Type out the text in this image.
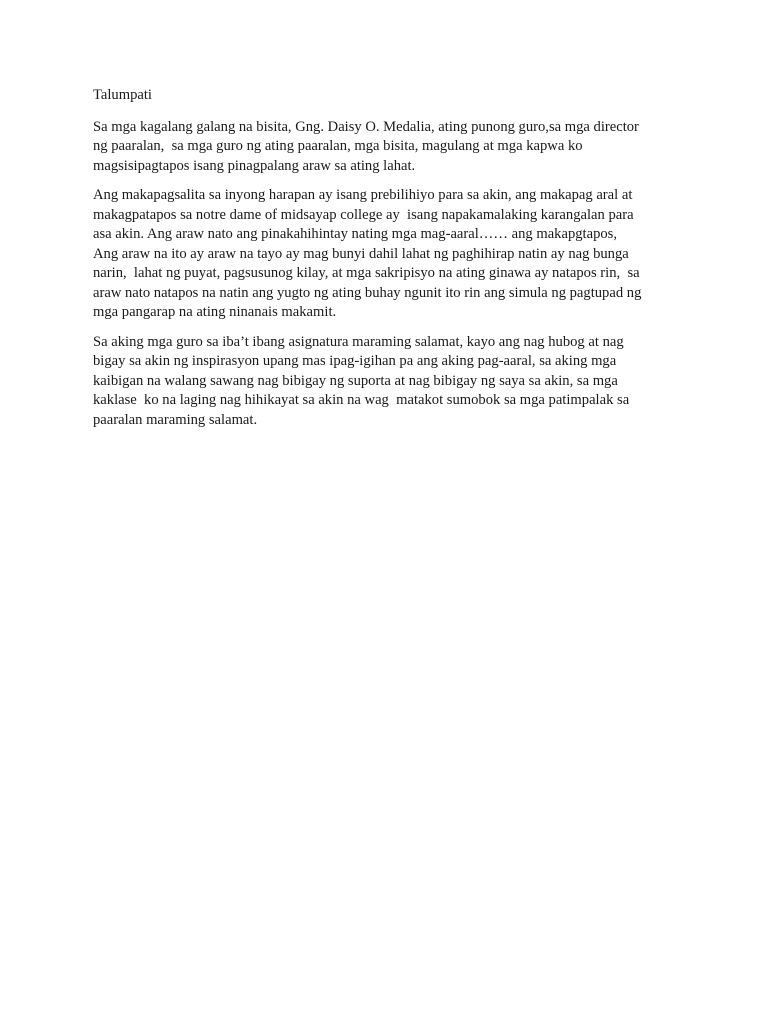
Talumpati
Sa mga kagalang galang na bisita, Gng. Daisy O. Medalia, ating punong guro,sa mga director
ng paaralan,  sa mga guro ng ating paaralan, mga bisita, magulang at mga kapwa ko
magsisipagtapos isang pinagpalang araw sa ating lahat.
Ang makapagsalita sa inyong harapan ay isang prebilihiyo para sa akin, ang makapag aral at
makagpatapos sa notre dame of midsayap college ay  isang napakamalaking karangalan para
asa akin. Ang araw nato ang pinakahihintay nating mga mag-aaral…… ang makapgtapos,
Ang araw na ito ay araw na tayo ay mag bunyi dahil lahat ng paghihirap natin ay nag bunga
narin,  lahat ng puyat, pagsusunog kilay, at mga sakripisyo na ating ginawa ay natapos rin,  sa
araw nato natapos na natin ang yugto ng ating buhay ngunit ito rin ang simula ng pagtupad ng
mga pangarap na ating ninanais makamit.
Sa aking mga guro sa iba’t ibang asignatura maraming salamat, kayo ang nag hubog at nag
bigay sa akin ng inspirasyon upang mas ipag-igihan pa ang aking pag-aaral, sa aking mga
kaibigan na walang sawang nag bibigay ng suporta at nag bibigay ng saya sa akin, sa mga
kaklase  ko na laging nag hihikayat sa akin na wag  matakot sumobok sa mga patimpalak sa
paaralan maraming salamat.
